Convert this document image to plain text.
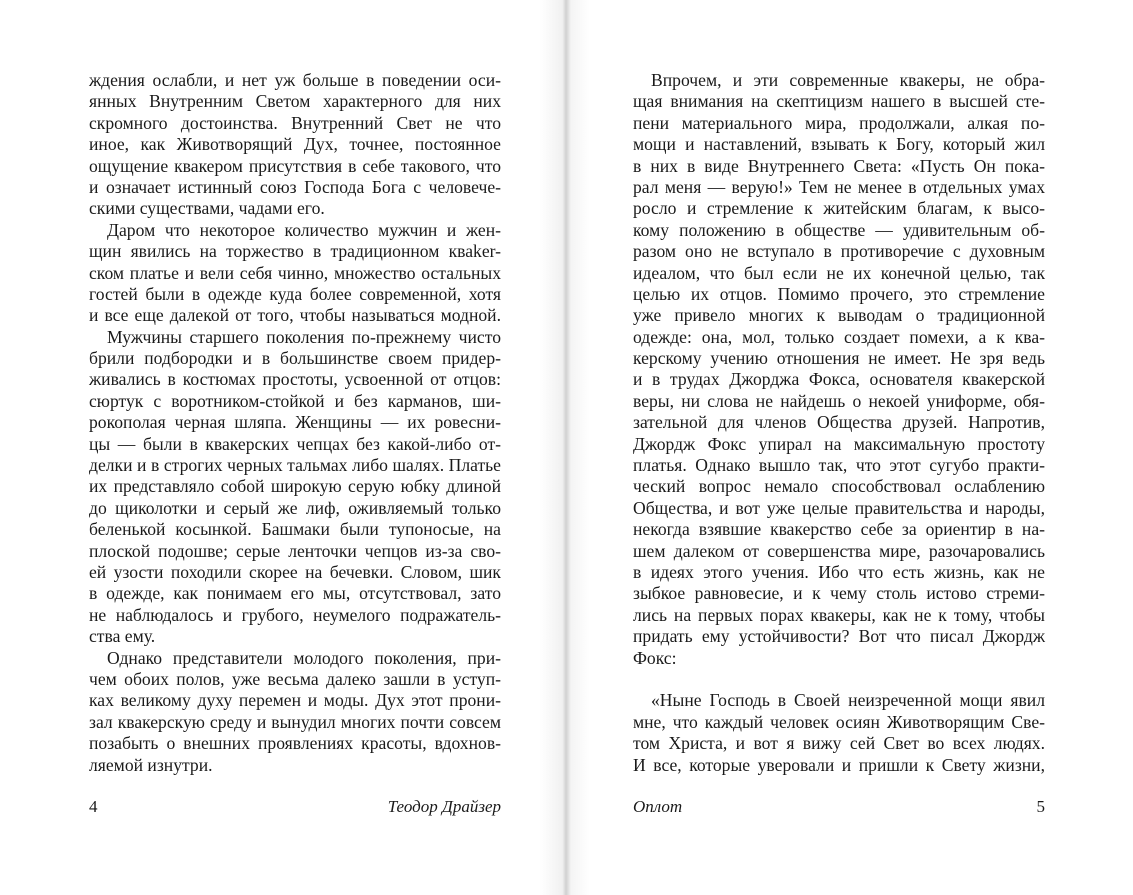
ждения ослабли, и нет уж больше в поведении оси-
янных Внутренним Светом характерного для них
скромного достоинства. Внутренний Свет не что
иное, как Животворящий Дух, точнее, постоянное
ощущение квакером присутствия в себе такового, что
и означает истинный союз Господа Бога с человече-
скими существами, чадами его.
Даром что некоторое количество мужчин и жен-
щин явились на торжество в традиционном кваker-
ском платье и вели себя чинно, множество остальных
гостей были в одежде куда более современной, хотя
и все еще далекой от того, чтобы называться модной.
Мужчины старшего поколения по-прежнему чисто
брили подбородки и в большинстве своем придер-
живались в костюмах простоты, усвоенной от отцов:
сюртук с воротником-стойкой и без карманов, ши-
рокополая черная шляпа. Женщины — их ровесни-
цы — были в квакерских чепцах без какой-либо от-
делки и в строгих черных тальмах либо шалях. Платье
их представляло собой широкую серую юбку длиной
до щиколотки и серый же лиф, оживляемый только
беленькой косынкой. Башмаки были тупоносые, на
плоской подошве; серые ленточки чепцов из-за сво-
ей узости походили скорее на бечевки. Словом, шик
в одежде, как понимаем его мы, отсутствовал, зато
не наблюдалось и грубого, неумелого подражатель-
ства ему.
Однако представители молодого поколения, при-
чем обоих полов, уже весьма далеко зашли в уступ-
ках великому духу перемен и моды. Дух этот прони-
зал квакерскую среду и вынудил многих почти совсем
позабыть о внешних проявлениях красоты, вдохнов-
ляемой изнутри.
4	Теодор Драйзер
Впрочем, и эти современные квакеры, не обра-
щая внимания на скептицизм нашего в высшей сте-
пени материального мира, продолжали, алкая по-
мощи и наставлений, взывать к Богу, который жил
в них в виде Внутреннего Света: «Пусть Он пока-
рал меня — верую!» Тем не менее в отдельных умах
росло и стремление к житейским благам, к высо-
кому положению в обществе — удивительным об-
разом оно не вступало в противоречие с духовным
идеалом, что был если не их конечной целью, так
целью их отцов. Помимо прочего, это стремление
уже привело многих к выводам о традиционной
одежде: она, мол, только создает помехи, а к ква-
керскому учению отношения не имеет. Не зря ведь
и в трудах Джорджа Фокса, основателя квакерской
веры, ни слова не найдешь о некоей униформе, обя-
зательной для членов Общества друзей. Напротив,
Джордж Фокс упирал на максимальную простоту
платья. Однако вышло так, что этот сугубо практи-
ческий вопрос немало способствовал ослаблению
Общества, и вот уже целые правительства и народы,
некогда взявшие квакерство себе за ориентир в на-
шем далеком от совершенства мире, разочаровались
в идеях этого учения. Ибо что есть жизнь, как не
зыбкое равновесие, и к чему столь истово стреми-
лись на первых порах квакеры, как не к тому, чтобы
придать ему устойчивости? Вот что писал Джордж
Фокс:
«Ныне Господь в Своей неизреченной мощи явил
мне, что каждый человек осиян Животворящим Све-
том Христа, и вот я вижу сей Свет во всех людях.
И все, которые уверовали и пришли к Свету жизни,
Оплот	5
